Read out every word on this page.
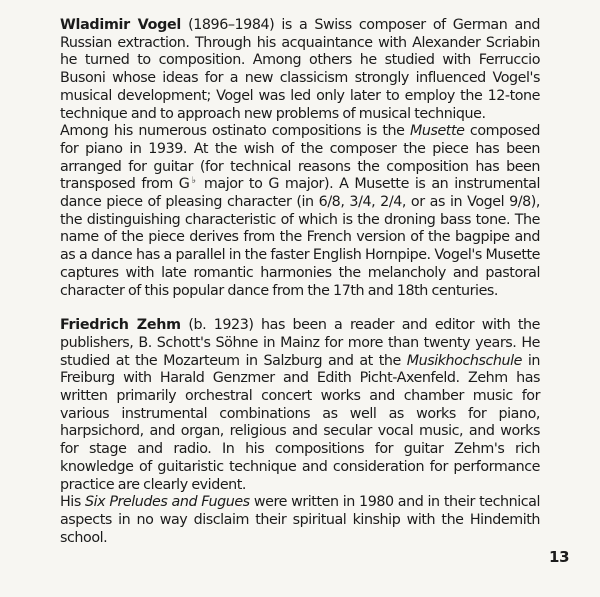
Wladimir Vogel (1896–1984) is a Swiss composer of German and Russian extraction. Through his acquaintance with Alexander Scriabin he turned to composition. Among others he studied with Ferruccio Busoni whose ideas for a new classicism strongly influenced Vogel's musical development; Vogel was led only later to employ the 12-tone technique and to approach new problems of musical technique.

Among his numerous ostinato compositions is the Musette composed for piano in 1939. At the wish of the composer the piece has been arranged for guitar (for technical reasons the composition has been transposed from G♭ major to G major). A Musette is an instrumental dance piece of pleasing character (in 6/8, 3/4, 2/4, or as in Vogel 9/8), the distinguishing characteristic of which is the droning bass tone. The name of the piece derives from the French version of the bagpipe and as a dance has a parallel in the faster English Hornpipe. Vogel's Musette captures with late romantic harmonies the melancholy and pastoral character of this popular dance from the 17th and 18th centuries.

Friedrich Zehm (b. 1923) has been a reader and editor with the publishers, B. Schott's Söhne in Mainz for more than twenty years. He studied at the Mozarteum in Salzburg and at the Musikhochschule in Freiburg with Harald Genzmer and Edith Picht-Axenfeld. Zehm has written primarily orchestral concert works and chamber music for various instrumental combinations as well as works for piano, harpsichord, and organ, religious and secular vocal music, and works for stage and radio. In his compositions for guitar Zehm's rich knowledge of guitaristic technique and consideration for performance practice are clearly evident.

His Six Preludes and Fugues were written in 1980 and in their technical aspects in no way disclaim their spiritual kinship with the Hindemith school.

13
